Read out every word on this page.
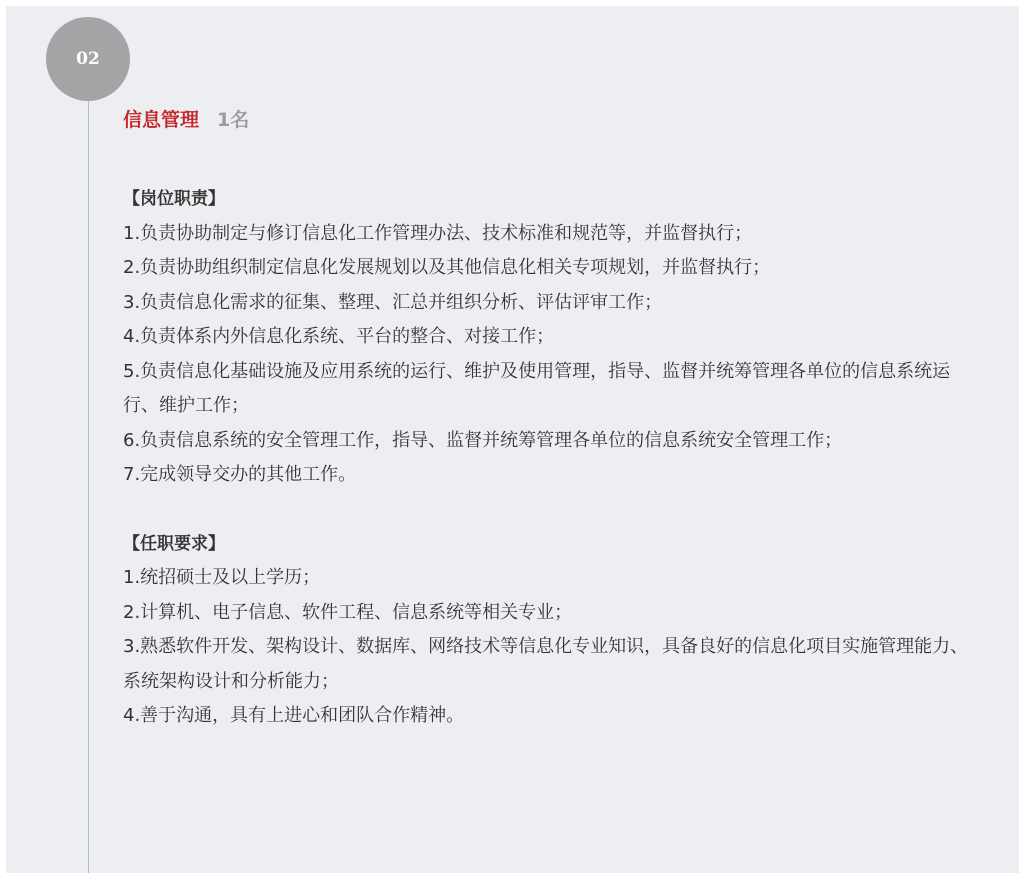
02

信息管理 1名

【岗位职责】

1.负责协助制定与修订信息化工作管理办法、技术标准和规范等，并监督执行；

2.负责协助组织制定信息化发展规划以及其他信息化相关专项规划，并监督执行；

3.负责信息化需求的征集、整理、汇总并组织分析、评估评审工作；

4.负责体系内外信息化系统、平台的整合、对接工作；

5.负责信息化基础设施及应用系统的运行、维护及使用管理，指导、监督并统筹管理各单位的信息系统运行、维护工作；

6.负责信息系统的安全管理工作，指导、监督并统筹管理各单位的信息系统安全管理工作；

7.完成领导交办的其他工作。

【任职要求】

1.统招硕士及以上学历；

2.计算机、电子信息、软件工程、信息系统等相关专业；

3.熟悉软件开发、架构设计、数据库、网络技术等信息化专业知识，具备良好的信息化项目实施管理能力、系统架构设计和分析能力；

4.善于沟通，具有上进心和团队合作精神。
